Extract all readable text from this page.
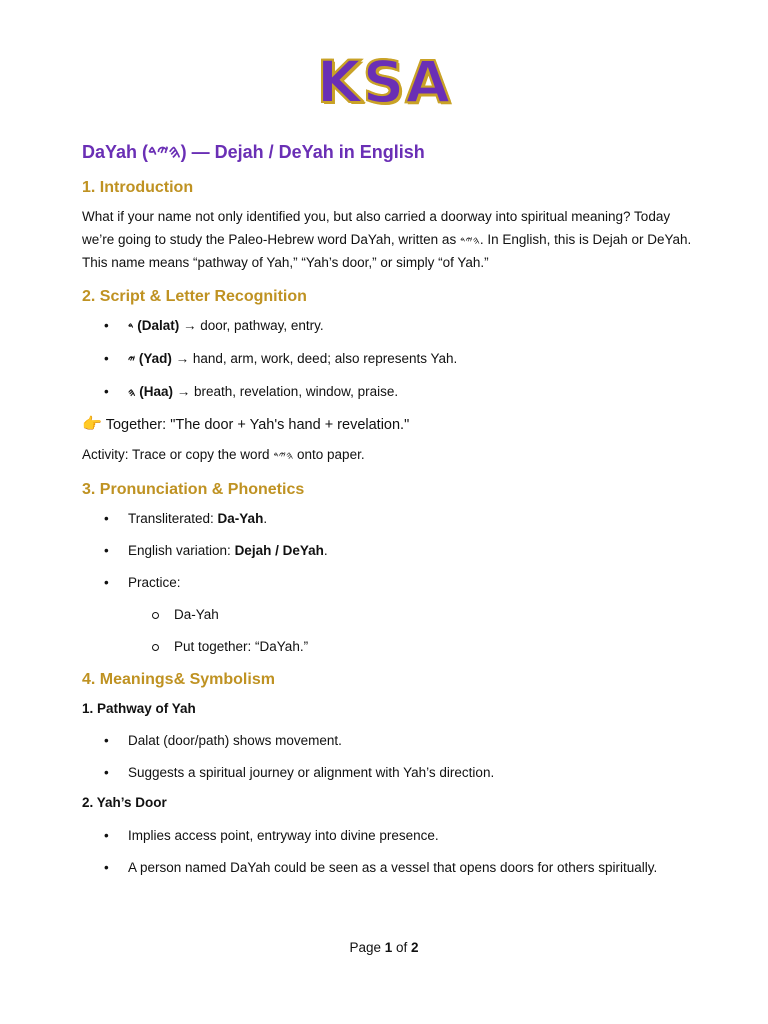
KSA
DaYah (𐤄𐤉𐤃) — Dejah / DeYah in English
1. Introduction

What if your name not only identified you, but also carried a doorway into spiritual meaning? Today we’re going to study the Paleo-Hebrew word DaYah, written as 𐤄𐤉𐤃. In English, this is Dejah or DeYah. This name means “pathway of Yah,” “Yah’s door,” or simply “of Yah.”

2. Script & Letter Recognition
• 𐤃 (Dalat) → door, pathway, entry.
• 𐤉 (Yad) → hand, arm, work, deed; also represents Yah.
• 𐤄 (Haa) → breath, revelation, window, praise.

👉 Together: "The door + Yah's hand + revelation."

Activity: Trace or copy the word 𐤄𐤉𐤃 onto paper.

3. Pronunciation & Phonetics
• Transliterated: Da-Yah.
• English variation: Dejah / DeYah.
• Practice:
Da-Yah
Put together: “DaYah.”
4. Meanings& Symbolism

1. Pathway of Yah

• Dalat (door/path) shows movement.
• Suggests a spiritual journey or alignment with Yah’s direction.

2. Yah’s Door

• Implies access point, entryway into divine presence.
• A person named DaYah could be seen as a vessel that opens doors for others spiritually.
Page 1 of 2
